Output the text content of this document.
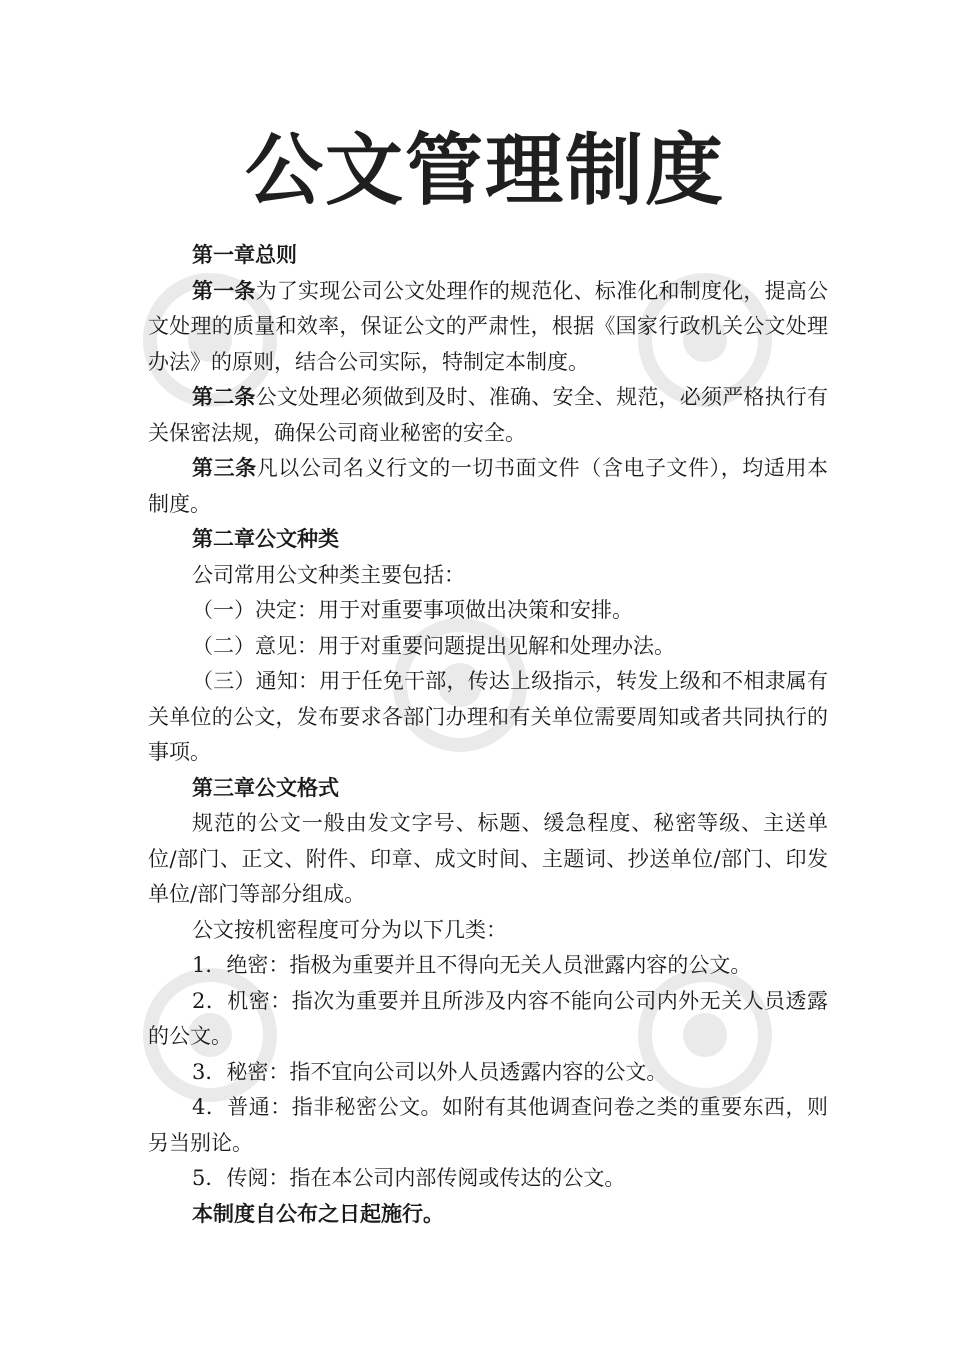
公文管理制度

第一章总则

第一条为了实现公司公文处理作的规范化、标准化和制度化，提高公文处理的质量和效率，保证公文的严肃性，根据《国家行政机关公文处理办法》的原则，结合公司实际，特制定本制度。

第二条公文处理必须做到及时、准确、安全、规范，必须严格执行有关保密法规，确保公司商业秘密的安全。

第三条凡以公司名义行文的一切书面文件（含电子文件），均适用本制度。

第二章公文种类

公司常用公文种类主要包括：

（一）决定：用于对重要事项做出决策和安排。

（二）意见：用于对重要问题提出见解和处理办法。

（三）通知：用于任免干部，传达上级指示，转发上级和不相隶属有关单位的公文，发布要求各部门办理和有关单位需要周知或者共同执行的事项。

第三章公文格式

规范的公文一般由发文字号、标题、缓急程度、秘密等级、主送单位/部门、正文、附件、印章、成文时间、主题词、抄送单位/部门、印发单位/部门等部分组成。

公文按机密程度可分为以下几类：

1．绝密：指极为重要并且不得向无关人员泄露内容的公文。

2．机密：指次为重要并且所涉及内容不能向公司内外无关人员透露的公文。

3．秘密：指不宜向公司以外人员透露内容的公文。

4．普通：指非秘密公文。如附有其他调查问卷之类的重要东西，则另当别论。

5．传阅：指在本公司内部传阅或传达的公文。

本制度自公布之日起施行。
